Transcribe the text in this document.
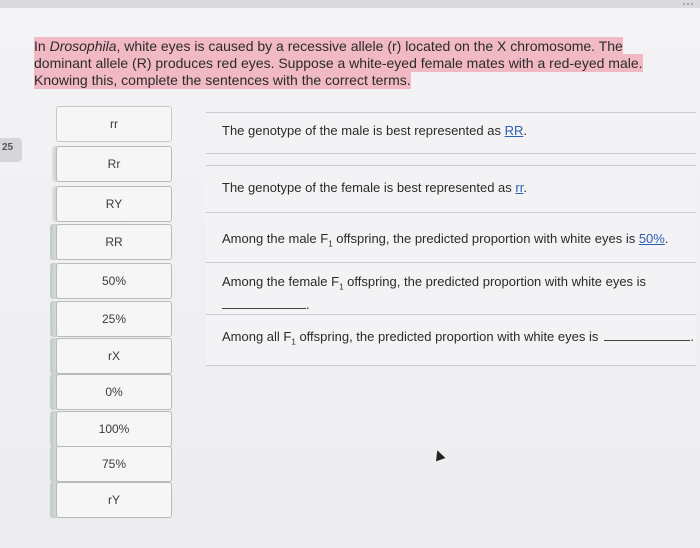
…
25
In Drosophila, white eyes is caused by a recessive allele (r) located on the X chromosome. The dominant allele (R) produces red eyes. Suppose a white-eyed female mates with a red-eyed male. Knowing this, complete the sentences with the correct terms.
rr
Rr
RY
RR
50%
25%
rX
0%
100%
75%
rY
The genotype of the male is best represented as RR.
The genotype of the female is best represented as rr.
Among the male $F_1$ offspring, the predicted proportion with white eyes is 50%.
Among the female $F_1$ offspring, the predicted proportion with white eyes is
.
Among all $F_1$ offspring, the predicted proportion with white eyes is	.
